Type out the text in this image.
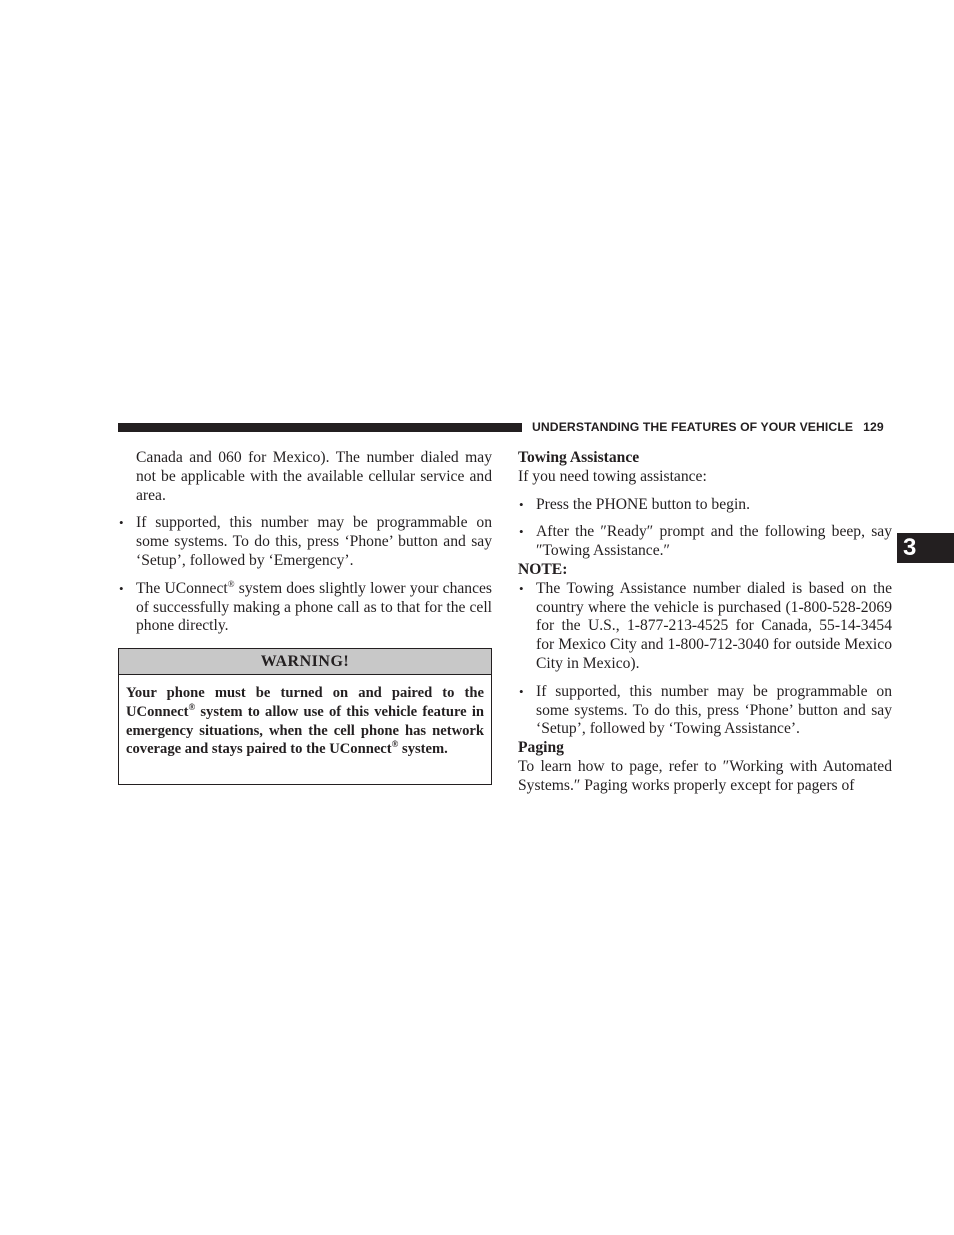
UNDERSTANDING THE FEATURES OF YOUR VEHICLE 129
3

Canada and 060 for Mexico). The number dialed may not be applicable with the available cellular service and area.

• If supported, this number may be programmable on some systems. To do this, press ‘Phone’ button and say ‘Setup’, followed by ‘Emergency’.
• The UConnect® system does slightly lower your chances of successfully making a phone call as to that for the cell phone directly.
WARNING!
Your phone must be turned on and paired to the UConnect® system to allow use of this vehicle feature in emergency situations, when the cell phone has network coverage and stays paired to the UConnect® system.

Towing Assistance

If you need towing assistance:

• Press the PHONE button to begin.
• After the ″Ready″ prompt and the following beep, say ″Towing Assistance.″

NOTE:

• The Towing Assistance number dialed is based on the country where the vehicle is purchased (1-800-528-2069 for the U.S., 1-877-213-4525 for Canada, 55-14-3454 for Mexico City and 1-800-712-3040 for outside Mexico City in Mexico).
• If supported, this number may be programmable on some systems. To do this, press ‘Phone’ button and say ‘Setup’, followed by ‘Towing Assistance’.

Paging

To learn how to page, refer to ″Working with Automated Systems.″ Paging works properly except for pagers of
